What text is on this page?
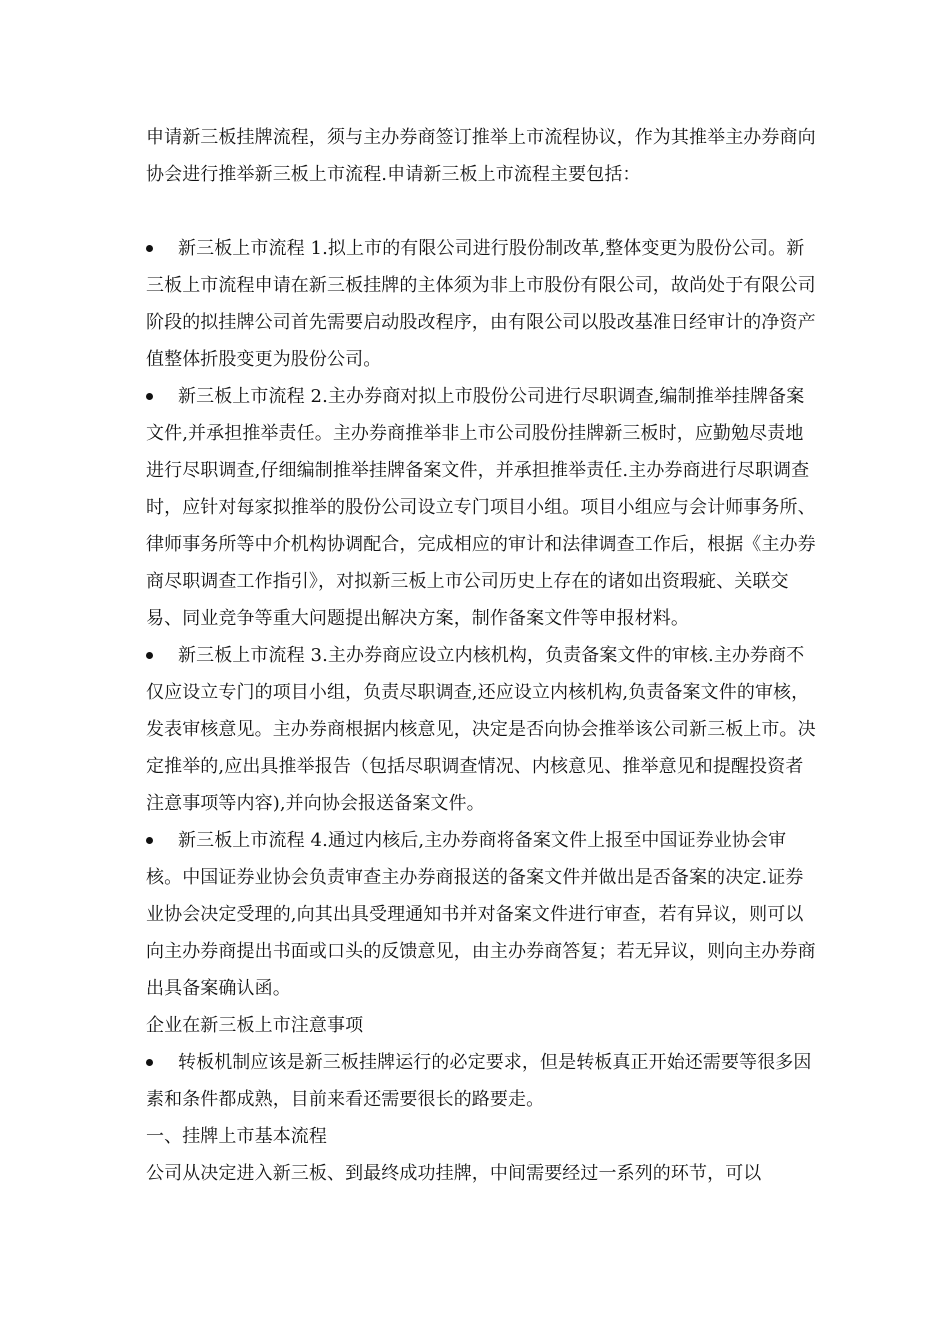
申请新三板挂牌流程，须与主办券商签订推举上市流程协议，作为其推举主办券商向协会进行推举新三板上市流程.申请新三板上市流程主要包括：

新三板上市流程 1.拟上市的有限公司进行股份制改革,整体变更为股份公司。新三板上市流程申请在新三板挂牌的主体须为非上市股份有限公司，故尚处于有限公司阶段的拟挂牌公司首先需要启动股改程序，由有限公司以股改基准日经审计的净资产值整体折股变更为股份公司。

新三板上市流程 2.主办券商对拟上市股份公司进行尽职调查,编制推举挂牌备案文件,并承担推举责任。主办券商推举非上市公司股份挂牌新三板时，应勤勉尽责地进行尽职调查,仔细编制推举挂牌备案文件，并承担推举责任.主办券商进行尽职调查时，应针对每家拟推举的股份公司设立专门项目小组。项目小组应与会计师事务所、律师事务所等中介机构协调配合，完成相应的审计和法律调查工作后，根据《主办券商尽职调查工作指引》，对拟新三板上市公司历史上存在的诸如出资瑕疵、关联交易、同业竞争等重大问题提出解决方案，制作备案文件等申报材料。

新三板上市流程 3.主办券商应设立内核机构，负责备案文件的审核.主办券商不仅应设立专门的项目小组，负责尽职调查,还应设立内核机构,负责备案文件的审核，发表审核意见。主办券商根据内核意见，决定是否向协会推举该公司新三板上市。决定推举的,应出具推举报告（包括尽职调查情况、内核意见、推举意见和提醒投资者注意事项等内容),并向协会报送备案文件。

新三板上市流程 4.通过内核后,主办券商将备案文件上报至中国证券业协会审核。中国证券业协会负责审查主办券商报送的备案文件并做出是否备案的决定.证券业协会决定受理的,向其出具受理通知书并对备案文件进行审查，若有异议，则可以向主办券商提出书面或口头的反馈意见，由主办券商答复；若无异议，则向主办券商出具备案确认函。

企业在新三板上市注意事项

转板机制应该是新三板挂牌运行的必定要求，但是转板真正开始还需要等很多因素和条件都成熟，目前来看还需要很长的路要走。

一、挂牌上市基本流程

公司从决定进入新三板、到最终成功挂牌，中间需要经过一系列的环节，可以
